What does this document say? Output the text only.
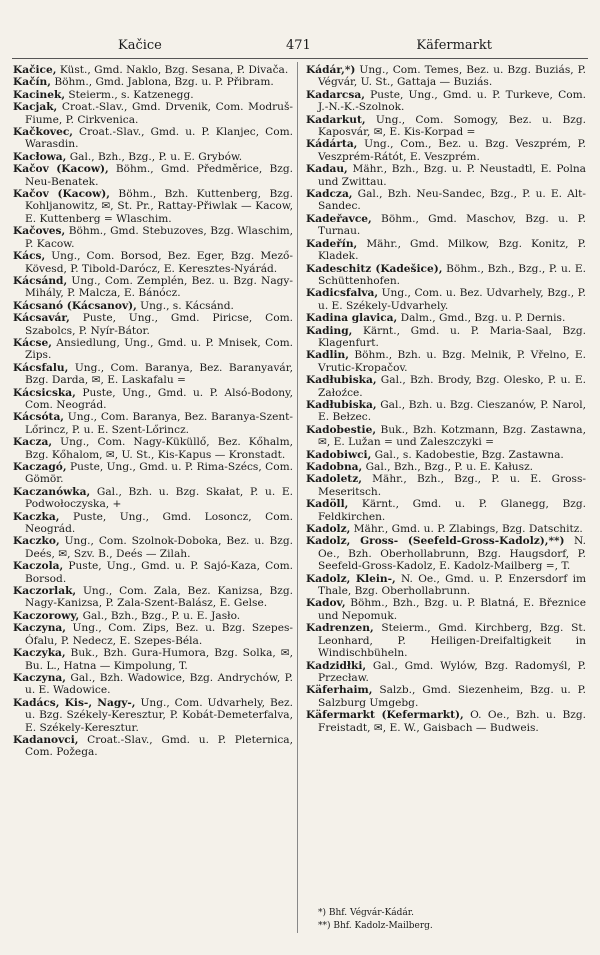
Kačice	471	Käfermarkt
Kačice, Küst., Gmd. Naklo, Bzg. Sesana, P. Divača.
Kačín, Böhm., Gmd. Jablona, Bzg. u. P. Přibram.
Kacinek, Steierm., s. Katzenegg.
Kacjak, Croat.-Slav., Gmd. Drvenik, Com. Modruš-Fiume, P. Cirkvenica.
Kačkovec, Croat.-Slav., Gmd. u. P. Klanjec, Com. Warasdin.
Kacłowa, Gal., Bzh., Bzg., P. u. E. Grybów.
Kačov (Kacow), Böhm., Gmd. Předměrice, Bzg. Neu-Benatek.
Kačov (Kacow), Böhm., Bzh. Kuttenberg, Bzg. Kohljanowitz, ✉, St. Pr., Rattay-Přiwlak — Kacow, E. Kuttenberg = Wlaschim.
Kačoves, Böhm., Gmd. Stebuzoves, Bzg. Wlaschim, P. Kacow.
Kács, Ung., Com. Borsod, Bez. Eger, Bzg. Mező-Kövesd, P. Tibold-Darócz, E. Keresztes-Nyárád.
Kácsánd, Ung., Com. Zemplén, Bez. u. Bzg. Nagy-Mihály, P. Malcza, E. Bánócz.
Kácsanó (Kácsanov), Ung., s. Kácsánd.
Kácsavár, Puste, Ung., Gmd. Piricse, Com. Szabolcs, P. Nyír-Bátor.
Kácse, Ansiedlung, Ung., Gmd. u. P. Mnisek, Com. Zips.
Kácsfalu, Ung., Com. Baranya, Bez. Baranyavár, Bzg. Darda, ✉, E. Laskafalu =
Kácsicska, Puste, Ung., Gmd. u. P. Alsó-Bodony, Com. Neográd.
Kácsóta, Ung., Com. Baranya, Bez. Baranya-Szent-Lőrincz, P. u. E. Szent-Lőrincz.
Kacza, Ung., Com. Nagy-Küküllő, Bez. Kőhalm, Bzg. Kőhalom, ✉, U. St., Kis-Kapus — Kronstadt.
Kaczagó, Puste, Ung., Gmd. u. P. Rima-Szécs, Com. Gömör.
Kaczanówka, Gal., Bzh. u. Bzg. Skałat, P. u. E. Podwołoczyska, +
Kaczka, Puste, Ung., Gmd. Losoncz, Com. Neográd.
Kaczko, Ung., Com. Szolnok-Doboka, Bez. u. Bzg. Deés, ✉, Szv. B., Deés — Zilah.
Kaczola, Puste, Ung., Gmd. u. P. Sajó-Kaza, Com. Borsod.
Kaczorlak, Ung., Com. Zala, Bez. Kanizsa, Bzg. Nagy-Kanizsa, P. Zala-Szent-Balász, E. Gelse.
Kaczorowy, Gal., Bzh., Bzg., P. u. E. Jasło.
Kaczyna, Ung., Com. Zips, Bez. u. Bzg. Szepes-Ófalu, P. Nedecz, E. Szepes-Béla.
Kaczyka, Buk., Bzh. Gura-Humora, Bzg. Solka, ✉, Bu. L., Hatna — Kimpolung, T.
Kaczyna, Gal., Bzh. Wadowice, Bzg. Andrychów, P. u. E. Wadowice.
Kadács, Kis-, Nagy-, Ung., Com. Udvarhely, Bez. u. Bzg. Székely-Keresztur, P. Kobát-Demeterfalva, E. Székely-Keresztur.
Kadanovci, Croat.-Slav., Gmd. u. P. Pleternica, Com. Požega.
Kádár,*) Ung., Com. Temes, Bez. u. Bzg. Buziás, P. Végvár, U. St., Gattaja — Buziás.
Kadarcsa, Puste, Ung., Gmd. u. P. Turkeve, Com. J.-N.-K.-Szolnok.
Kadarkut, Ung., Com. Somogy, Bez. u. Bzg. Kaposvár, ✉, E. Kis-Korpad =
Kádárta, Ung., Com., Bez. u. Bzg. Veszprém, P. Veszprém-Rátót, E. Veszprém.
Kadau, Mähr., Bzh., Bzg. u. P. Neustadtl, E. Polna und Zwittau.
Kadcza, Gal., Bzh. Neu-Sandec, Bzg., P. u. E. Alt-Sandec.
Kadeřavce, Böhm., Gmd. Maschov, Bzg. u. P. Turnau.
Kadeřín, Mähr., Gmd. Milkow, Bzg. Konitz, P. Kladek.
Kadeschitz (Kadešice), Böhm., Bzh., Bzg., P. u. E. Schüttenhofen.
Kadicsfalva, Ung., Com. u. Bez. Udvarhely, Bzg., P. u. E. Székely-Udvarhely.
Kadina glavica, Dalm., Gmd., Bzg. u. P. Dernis.
Kading, Kärnt., Gmd. u. P. Maria-Saal, Bzg. Klagenfurt.
Kadlin, Böhm., Bzh. u. Bzg. Melnik, P. Vřelno, E. Vrutic-Kropačov.
Kadłubiska, Gal., Bzh. Brody, Bzg. Olesko, P. u. E. Załoźce.
Kadłubiska, Gal., Bzh. u. Bzg. Cieszanów, P. Narol, E. Bełzec.
Kadobestie, Buk., Bzh. Kotzmann, Bzg. Zastawna, ✉, E. Lužan = und Zaleszczyki =
Kadobiwci, Gal., s. Kadobestie, Bzg. Zastawna.
Kadobna, Gal., Bzh., Bzg., P. u. E. Kałusz.
Kadoletz, Mähr., Bzh., Bzg., P. u. E. Gross-Meseritsch.
Kadöll, Kärnt., Gmd. u. P. Glanegg, Bzg. Feldkirchen.
Kadolz, Mähr., Gmd. u. P. Zlabings, Bzg. Datschitz.
Kadolz, Gross- (Seefeld-Gross-Kadolz),**) N. Oe., Bzh. Oberhollabrunn, Bzg. Haugsdorf, P. Seefeld-Gross-Kadolz, E. Kadolz-Mailberg =, T.
Kadolz, Klein-, N. Oe., Gmd. u. P. Enzersdorf im Thale, Bzg. Oberhollabrunn.
Kadov, Böhm., Bzh., Bzg. u. P. Blatná, E. Březnice und Nepomuk.
Kadrenzen, Steierm., Gmd. Kirchberg, Bzg. St. Leonhard, P. Heiligen-Dreifaltigkeit in Windischbüheln.
Kadzidłki, Gal., Gmd. Wylów, Bzg. Radomyśl, P. Przecław.
Käferhaim, Salzb., Gmd. Siezenheim, Bzg. u. P. Salzburg Umgebg.
Käfermarkt (Kefermarkt), O. Oe., Bzh. u. Bzg. Freistadt, ✉, E. W., Gaisbach — Budweis.
*) Bhf. Végvár-Kádár.
**) Bhf. Kadolz-Mailberg.
